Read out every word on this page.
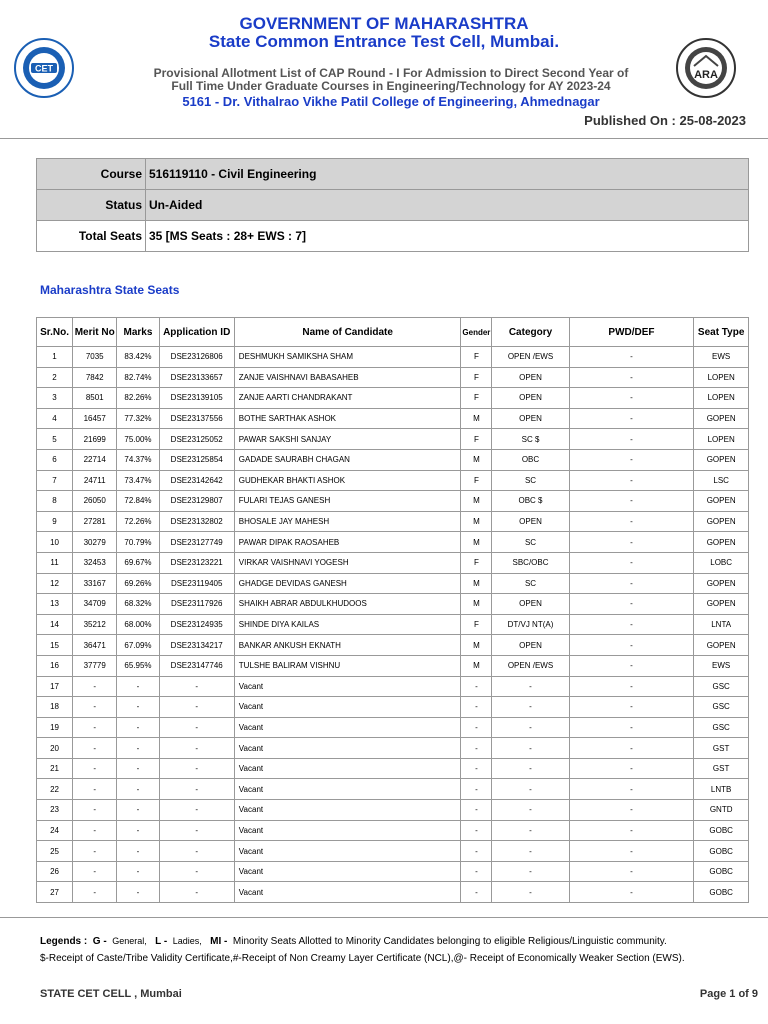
CET
ARA
GOVERNMENT OF MAHARASHTRA
State Common Entrance Test Cell, Mumbai.
Provisional Allotment List of CAP Round - I For Admission to Direct Second Year of
Full Time Under Graduate Courses in Engineering/Technology for AY 2023-24
5161 - Dr. Vithalrao Vikhe Patil College of Engineering, Ahmednagar
Published On : 25-08-2023
Course	516119110 - Civil Engineering
Status	Un-Aided
Total Seats	35 [MS Seats : 28+ EWS : 7]
Maharashtra State Seats
Sr.No.	Merit No	Marks	Application ID	Name of Candidate	Gender	Category	PWD/DEF	Seat Type
1	7035	83.42%	DSE23126806	DESHMUKH SAMIKSHA SHAM	F	OPEN /EWS	-	EWS
2	7842	82.74%	DSE23133657	ZANJE VAISHNAVI BABASAHEB	F	OPEN	-	LOPEN
3	8501	82.26%	DSE23139105	ZANJE AARTI CHANDRAKANT	F	OPEN	-	LOPEN
4	16457	77.32%	DSE23137556	BOTHE SARTHAK ASHOK	M	OPEN	-	GOPEN
5	21699	75.00%	DSE23125052	PAWAR SAKSHI SANJAY	F	SC $	-	LOPEN
6	22714	74.37%	DSE23125854	GADADE SAURABH CHAGAN	M	OBC	-	GOPEN
7	24711	73.47%	DSE23142642	GUDHEKAR BHAKTI ASHOK	F	SC	-	LSC
8	26050	72.84%	DSE23129807	FULARI TEJAS GANESH	M	OBC $	-	GOPEN
9	27281	72.26%	DSE23132802	BHOSALE JAY MAHESH	M	OPEN	-	GOPEN
10	30279	70.79%	DSE23127749	PAWAR DIPAK RAOSAHEB	M	SC	-	GOPEN
11	32453	69.67%	DSE23123221	VIRKAR VAISHNAVI YOGESH	F	SBC/OBC	-	LOBC
12	33167	69.26%	DSE23119405	GHADGE DEVIDAS GANESH	M	SC	-	GOPEN
13	34709	68.32%	DSE23117926	SHAIKH ABRAR ABDULKHUDOOS	M	OPEN	-	GOPEN
14	35212	68.00%	DSE23124935	SHINDE DIYA KAILAS	F	DT/VJ NT(A)	-	LNTA
15	36471	67.09%	DSE23134217	BANKAR ANKUSH EKNATH	M	OPEN	-	GOPEN
16	37779	65.95%	DSE23147746	TULSHE BALIRAM VISHNU	M	OPEN /EWS	-	EWS
17	-	-	-	Vacant	-	-	-	GSC
18	-	-	-	Vacant	-	-	-	GSC
19	-	-	-	Vacant	-	-	-	GSC
20	-	-	-	Vacant	-	-	-	GST
21	-	-	-	Vacant	-	-	-	GST
22	-	-	-	Vacant	-	-	-	LNTB
23	-	-	-	Vacant	-	-	-	GNTD
24	-	-	-	Vacant	-	-	-	GOBC
25	-	-	-	Vacant	-	-	-	GOBC
26	-	-	-	Vacant	-	-	-	GOBC
27	-	-	-	Vacant	-	-	-	GOBC
Legends : G - General, L - Ladies, MI - Minority Seats Allotted to Minority Candidates belonging to eligible Religious/Linguistic community.
$-Receipt of Caste/Tribe Validity Certificate,#-Receipt of Non Creamy Layer Certificate (NCL),@- Receipt of Economically Weaker Section (EWS).
STATE CET CELL , Mumbai	Page 1 of 9
